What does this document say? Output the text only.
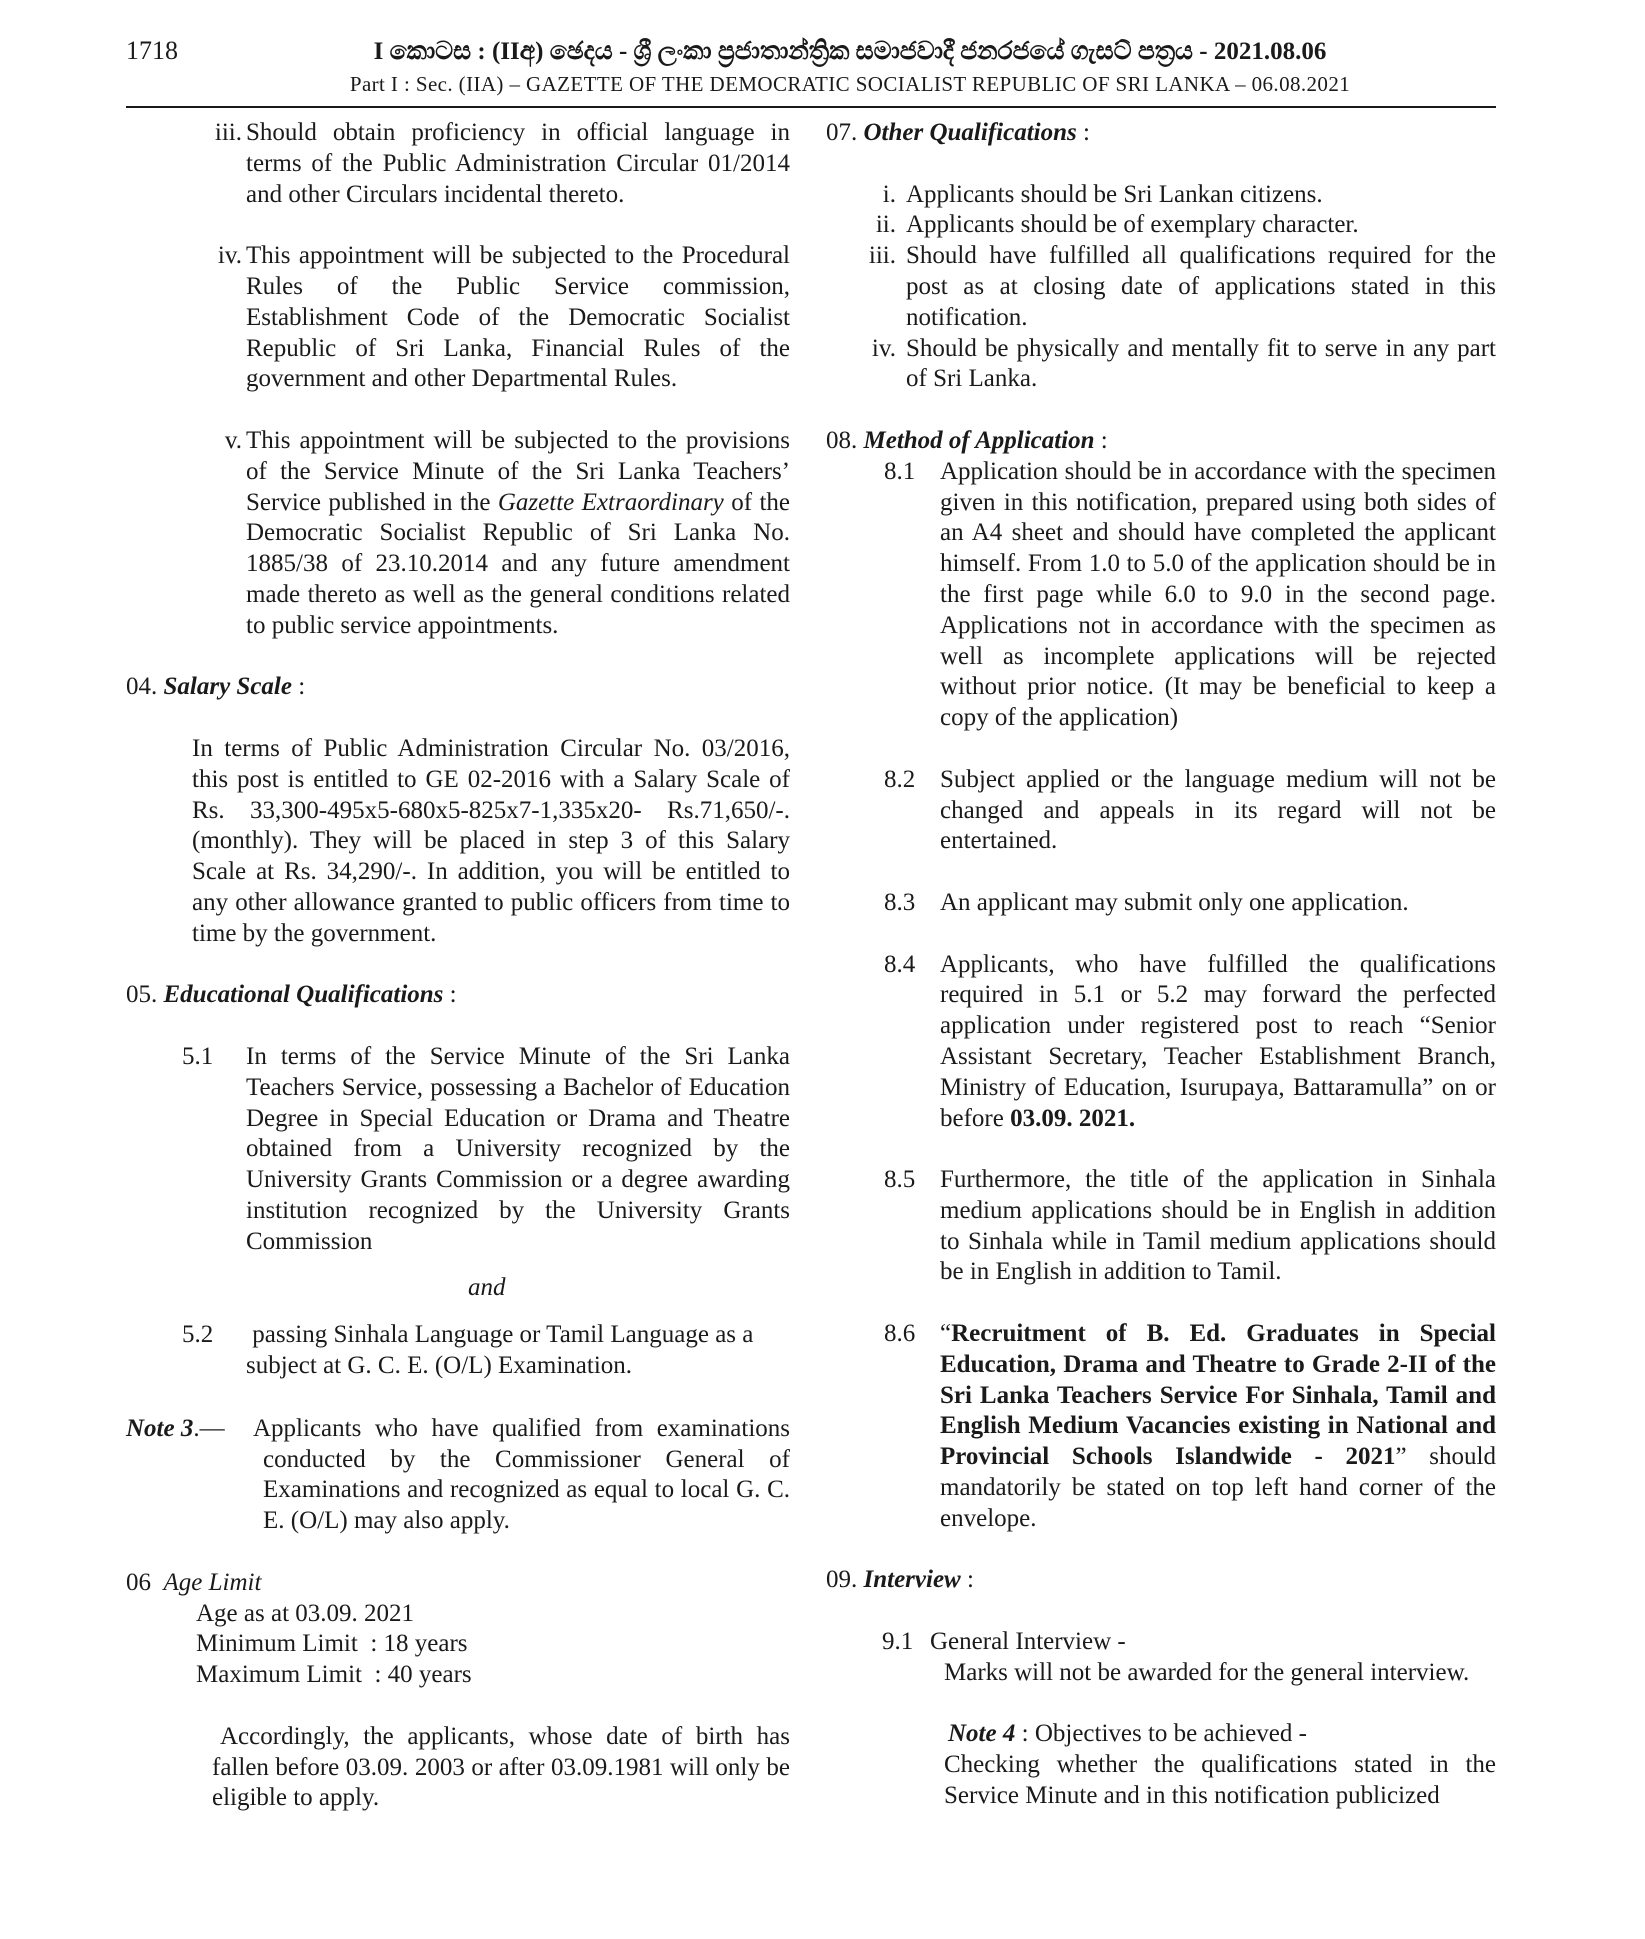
1718	I කොටස : (IIඅ) ඡෙදය - ශ්‍රී ලංකා ප්‍රජාතාන්ත්‍රික සමාජවාදී ජනරජයේ ගැසට් පත්‍රය - 2021.08.06
Part I : Sec. (IIA) – GAZETTE OF THE DEMOCRATIC SOCIALIST REPUBLIC OF SRI LANKA – 06.08.2021
iii. Should obtain proficiency in official language in terms of the Public Administration Circular 01/2014 and other Circulars incidental thereto.
iv. This appointment will be subjected to the Procedural Rules of the Public Service commission, Establishment Code of the Democratic Socialist Republic of Sri Lanka, Financial Rules of the government and other Departmental Rules.
v. This appointment will be subjected to the provisions of the Service Minute of the Sri Lanka Teachers’ Service published in the Gazette Extraordinary of the Democratic Socialist Republic of Sri Lanka No. 1885/38 of 23.10.2014 and any future amendment made thereto as well as the general conditions related to public service appointments.
04. Salary Scale :

In terms of Public Administration Circular No. 03/2016, this post is entitled to GE 02-2016 with a Salary Scale of Rs. 33,300-495x5-680x5-825x7-1,335x20- Rs.71,650/-. (monthly). They will be placed in step 3 of this Salary Scale at Rs. 34,290/-. In addition, you will be entitled to any other allowance granted to public officers from time to time by the government.

05. Educational Qualifications :
5.1 In terms of the Service Minute of the Sri Lanka Teachers Service, possessing a Bachelor of Education Degree in Special Education or Drama and Theatre obtained from a University recognized by the University Grants Commission or a degree awarding institution recognized by the University Grants Commission
and
5.2 passing Sinhala Language or Tamil Language as a subject at G. C. E. (O/L) Examination.
Note 3.—	Applicants who have qualified from examinations conducted by the Commissioner General of Examinations and recognized as equal to local G. C. E. (O/L) may also apply.
06 Age Limit
Age as at 03.09. 2021
Minimum Limit  : 18 years
Maximum Limit  : 40 years

Accordingly, the applicants, whose date of birth has fallen before 03.09. 2003 or after 03.09.1981 will only be eligible to apply.

07. Other Qualifications :
i. Applicants should be Sri Lankan citizens.
ii. Applicants should be of exemplary character.
iii. Should have fulfilled all qualifications required for the post as at closing date of applications stated in this notification.
iv. Should be physically and mentally fit to serve in any part of Sri Lanka.
08. Method of Application :
8.1 Application should be in accordance with the specimen given in this notification, prepared using both sides of an A4 sheet and should have completed the applicant himself. From 1.0 to 5.0 of the application should be in the first page while 6.0 to 9.0 in the second page. Applications not in accordance with the specimen as well as incomplete applications will be rejected without prior notice. (It may be beneficial to keep a copy of the application)
8.2 Subject applied or the language medium will not be changed and appeals in its regard will not be entertained.
8.3 An applicant may submit only one application.
8.4 Applicants, who have fulfilled the qualifications required in 5.1 or 5.2 may forward the perfected application under registered post to reach “Senior Assistant Secretary, Teacher Establishment Branch, Ministry of Education, Isurupaya, Battaramulla” on or before 03.09. 2021.
8.5 Furthermore, the title of the application in Sinhala medium applications should be in English in addition to Sinhala while in Tamil medium applications should be in English in addition to Tamil.
8.6 “Recruitment of B. Ed. Graduates in Special Education, Drama and Theatre to Grade 2-II of the Sri Lanka Teachers Service For Sinhala, Tamil and English Medium Vacancies existing in National and Provincial Schools Islandwide - 2021” should mandatorily be stated on top left hand corner of the envelope.
09. Interview :
9.1 General Interview -

Marks will not be awarded for the general interview.

Note 4 : Objectives to be achieved -

Checking whether the qualifications stated in the Service Minute and in this notification publicized
